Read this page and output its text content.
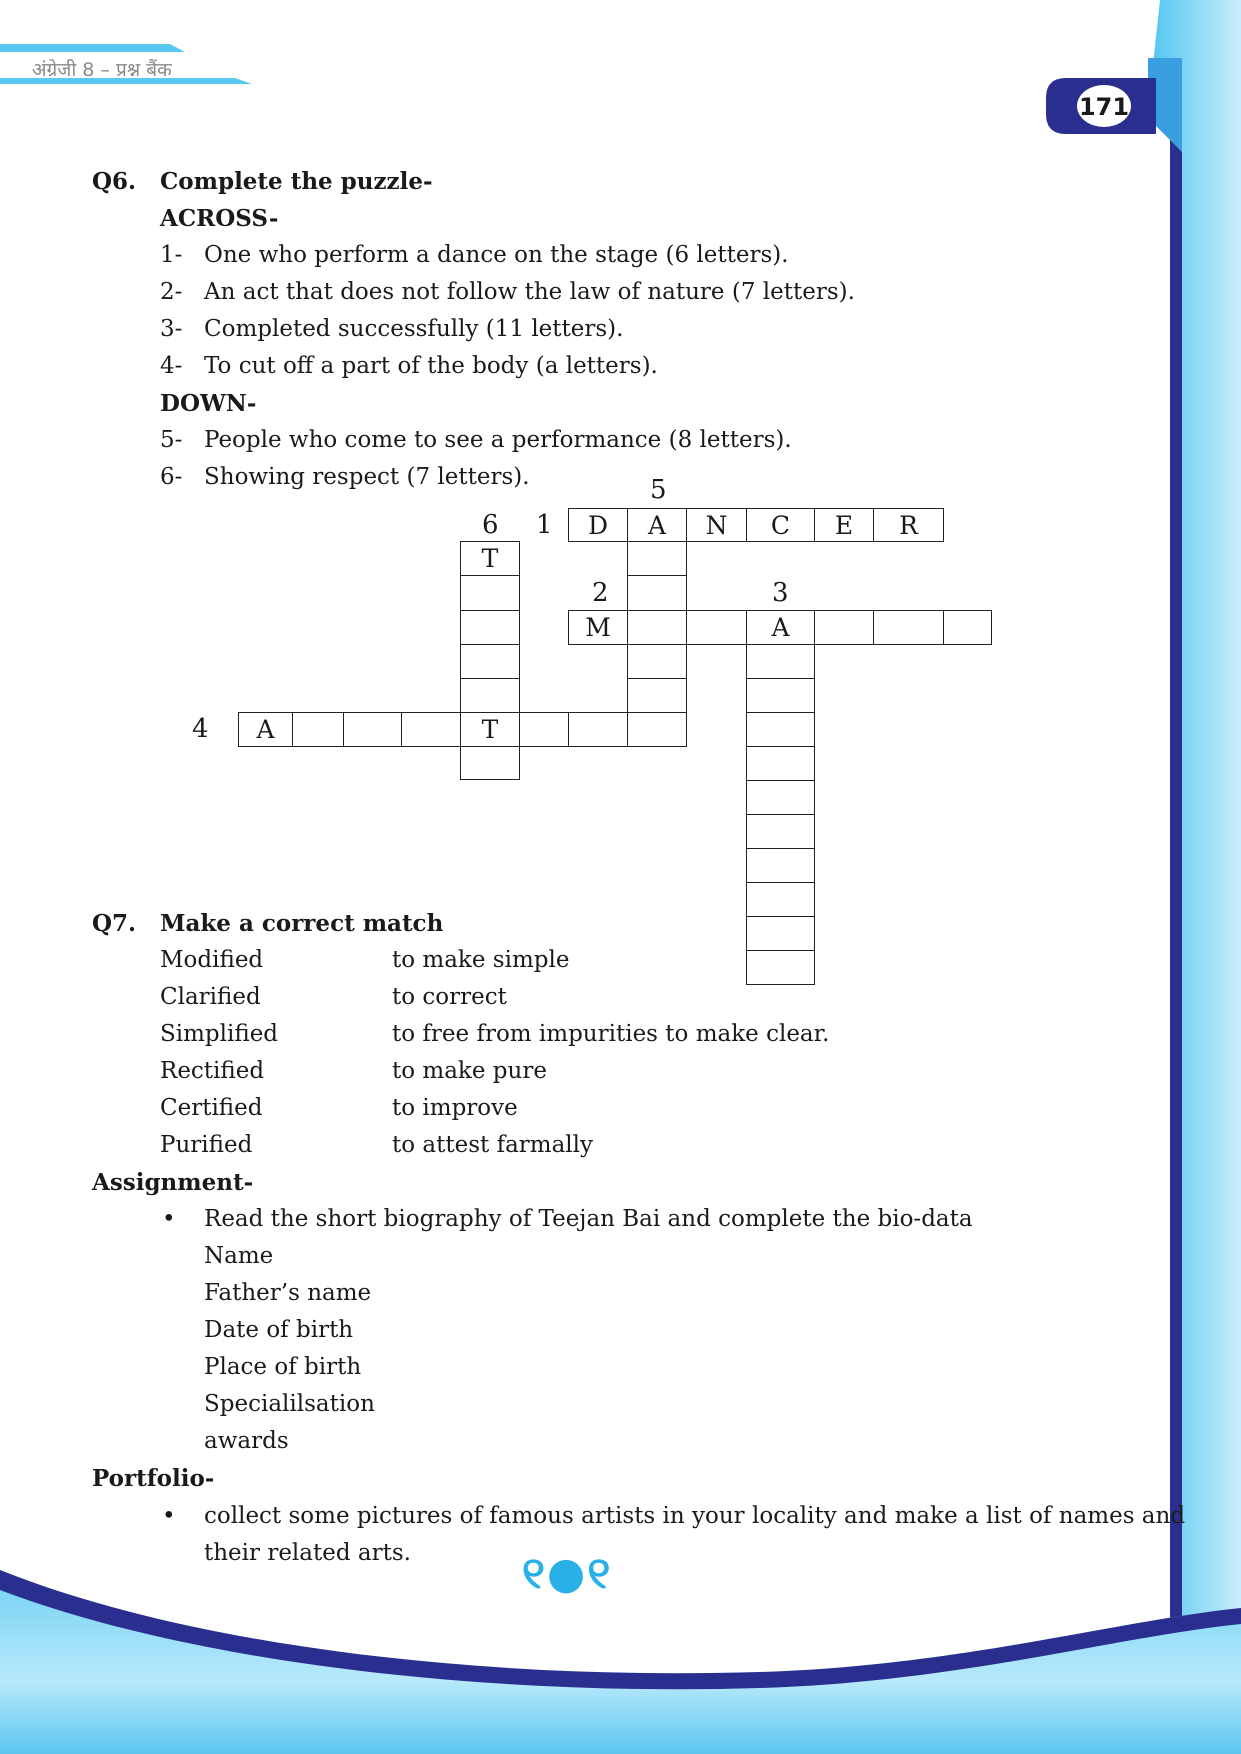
अंग्रेजी 8 – प्रश्न बैंक
171
Q6. Complete the puzzle-
ACROSS-
1- One who perform a dance on the stage (6 letters).
2- An act that does not follow the law of nature (7 letters).
3- Completed successfully (11 letters).
4- To cut off a part of the body (a letters).
DOWN-
5- People who come to see a performance (8 letters).
6- Showing respect (7 letters).	5
6 1
2	3
4
D	A	N	C	E	R
T
M	A
A	T
Q7. Make a correct match
Modified	to make simple
Clarified	to correct
Simplified	to free from impurities to make clear.
Rectified	to make pure
Certified	to improve
Purified	to attest farmally
Assignment-
• Read the short biography of Teejan Bai and complete the bio-data
Name
Father’s name
Date of birth
Place of birth
Specialilsation
awards
Portfolio-
• collect some pictures of famous artists in your locality and make a list of names and
their related arts.	୧●୧
